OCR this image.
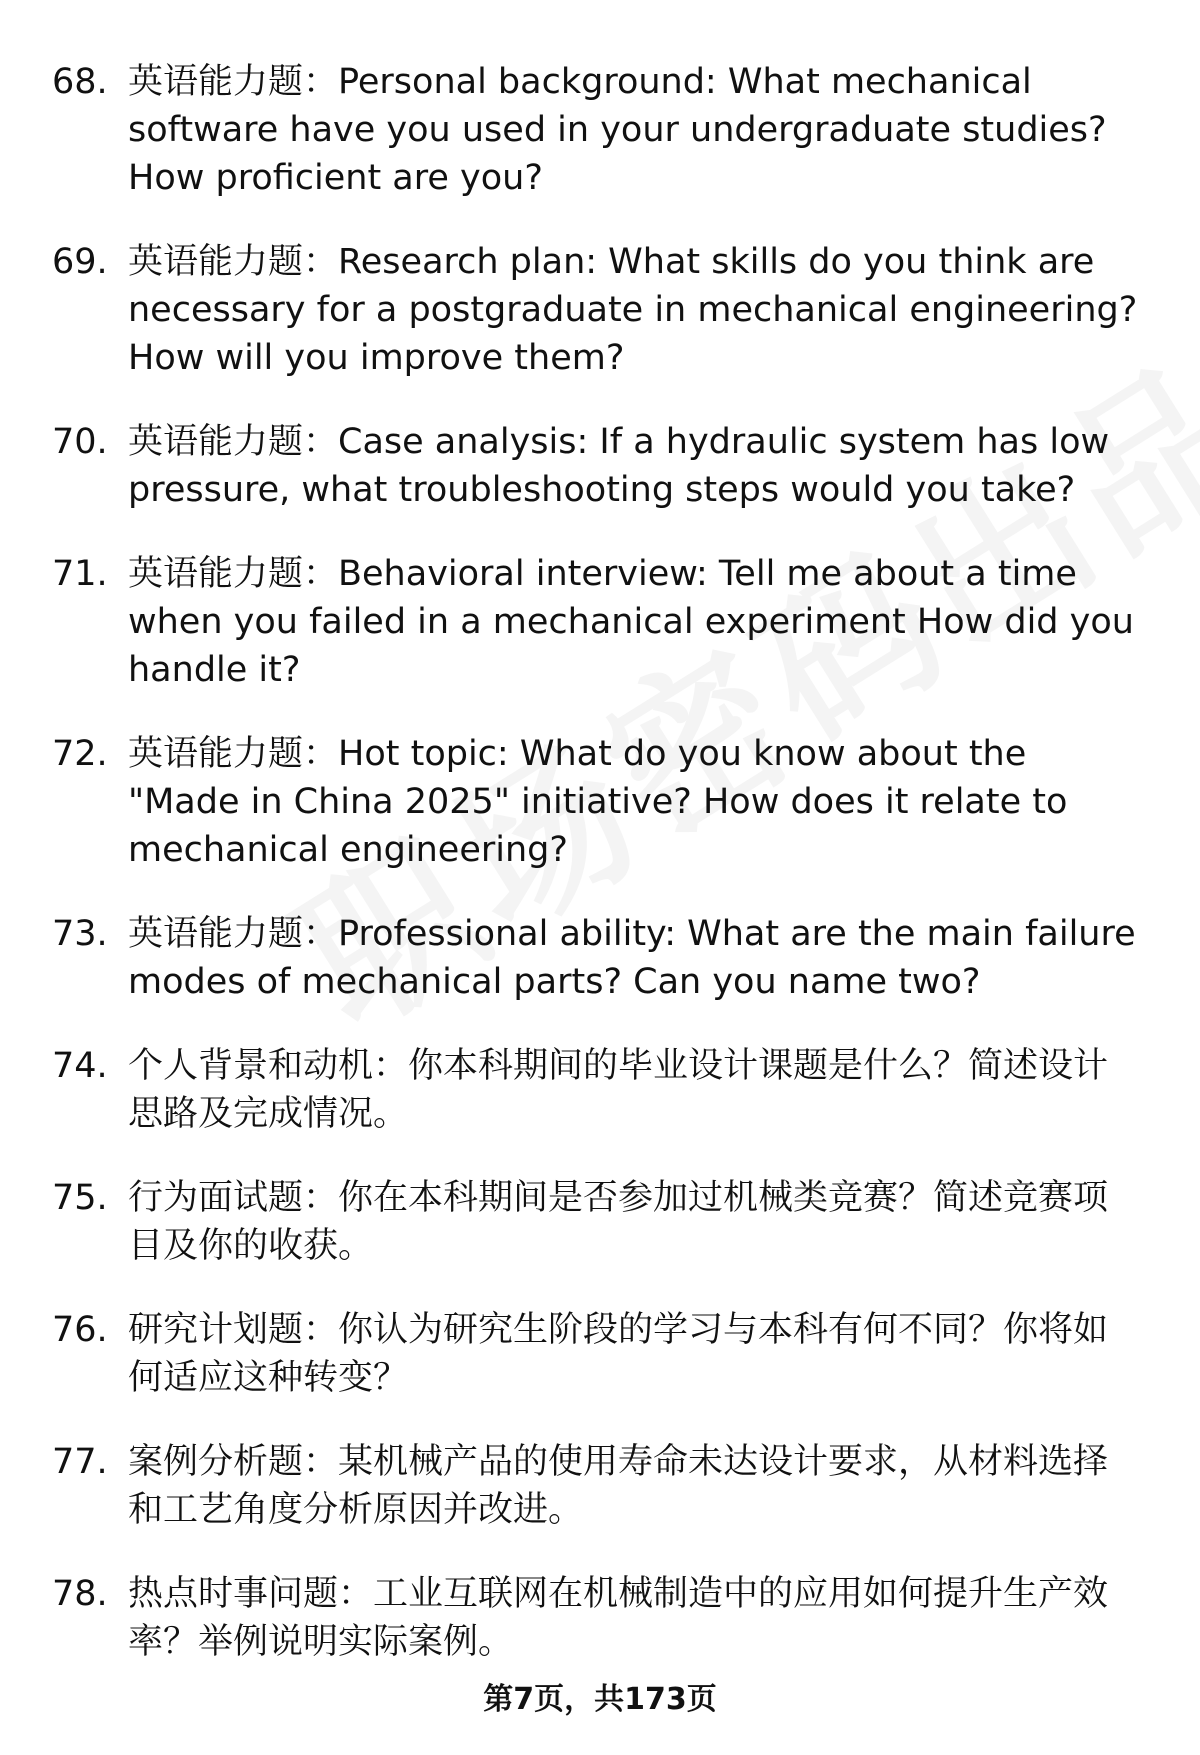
68. 英语能力题：Personal background: What mechanical software have you used in your undergraduate studies? How proficient are you?
69. 英语能力题：Research plan: What skills do you think are necessary for a postgraduate in mechanical engineering? How will you improve them?
70. 英语能力题：Case analysis: If a hydraulic system has low pressure, what troubleshooting steps would you take?
71. 英语能力题：Behavioral interview: Tell me about a time when you failed in a mechanical experiment How did you handle it?
72. 英语能力题：Hot topic: What do you know about the "Made in China 2025" initiative? How does it relate to mechanical engineering?
73. 英语能力题：Professional ability: What are the main failure modes of mechanical parts? Can you name two?
74. 个人背景和动机：你本科期间的毕业设计课题是什么？简述设计思路及完成情况。
75. 行为面试题：你在本科期间是否参加过机械类竞赛？简述竞赛项目及你的收获。
76. 研究计划题：你认为研究生阶段的学习与本科有何不同？你将如何适应这种转变？
77. 案例分析题：某机械产品的使用寿命未达设计要求，从材料选择和工艺角度分析原因并改进。
78. 热点时事问题：工业互联网在机械制造中的应用如何提升生产效率？举例说明实际案例。
第7页，共173页
